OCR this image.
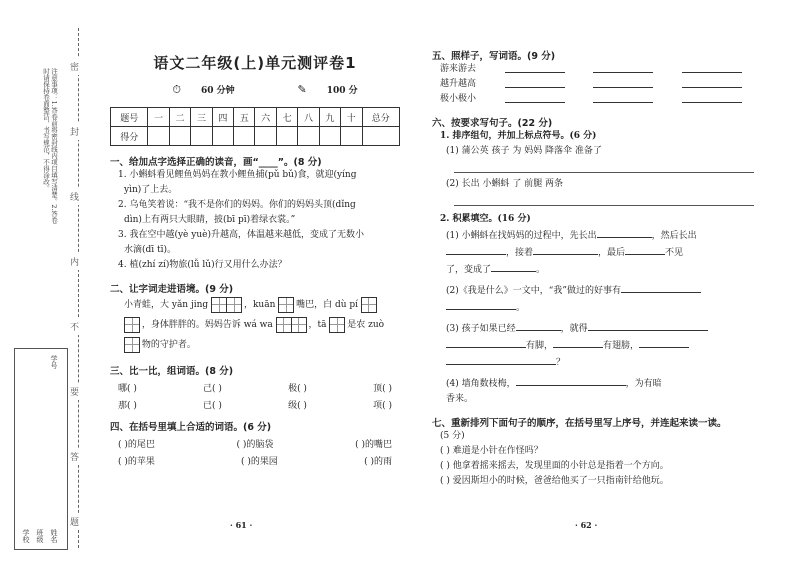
注意事项：1.答卷前将密封线内项目填写清楚。2.答卷时请保持卷面整洁，书写规范，不得涂改。	密
封
线
内
不
要
答
题
学校 班级 姓名
学号
语文二年级(上)单元测评卷1
⏱ 60 分钟	✎ 100 分
题号	一	二	三	四	五	六	七	八	九	十	总分
得分											
一、给加点字选择正确的读音，画“____”。(8 分)
1. 小蝌蚪看见鲤鱼妈妈在教小鲤鱼捕(pǔ bǔ)食，就迎(yíng
yìn)了上去。
2. 乌龟笑着说：“我不是你们的妈妈。你们的妈妈头顶(dǐng
dìn)上有两只大眼睛，披(bī pī)着绿衣裳。”
3. 我在空中越(yè yuè)升越高，体温越来越低，变成了无数小
水滴(dī tī)。
4. 植(zhí zí)物旅(lǚ lǔ)行又用什么办法？
二、让字词走进语境。(9 分)
小青蛙，大 yǎn jing	，kuān 嘴巴，白 dù pí
，身体胖胖的。妈妈告诉 wá wa	，tā 是农 zuò
物的守护者。
三、比一比，组词语。(8 分)
哪( )	己( )	极( )	顶( )
那( )	已( )	级( )	项( )
四、在括号里填上合适的词语。(6 分)
( )的尾巴	( )的脑袋	( )的嘴巴
( )的苹果	( )的果园	( )的雨
· 61 ·
五、照样子，写词语。(9 分)
游来游去
越升越高
极小极小
六、按要求写句子。(22 分)
1. 排序组句，并加上标点符号。(6 分)
(1) 蒲公英 孩子 为 妈妈 降落伞 准备了
(2) 长出 小蝌蚪 了 前腿 两条
2. 积累填空。(16 分)
(1) 小蝌蚪在找妈妈的过程中，先长出	，然后长出
，接着	，最后	不见
了，变成了	。
(2)《我是什么》一文中，“我”做过的好事有
。
(3) 孩子如果已经	，就得
有脚，	有翅膀，
？
(4) 墙角数枝梅，	，为有暗
香来。
七、重新排列下面句子的顺序，在括号里写上序号，并连起来读一读。
(5 分)
( ) 难道是小针在作怪吗？
( ) 他拿着摇来摇去，发现里面的小针总是指着一个方向。
( ) 爱因斯坦小的时候，爸爸给他买了一只指南针给他玩。
· 62 ·
